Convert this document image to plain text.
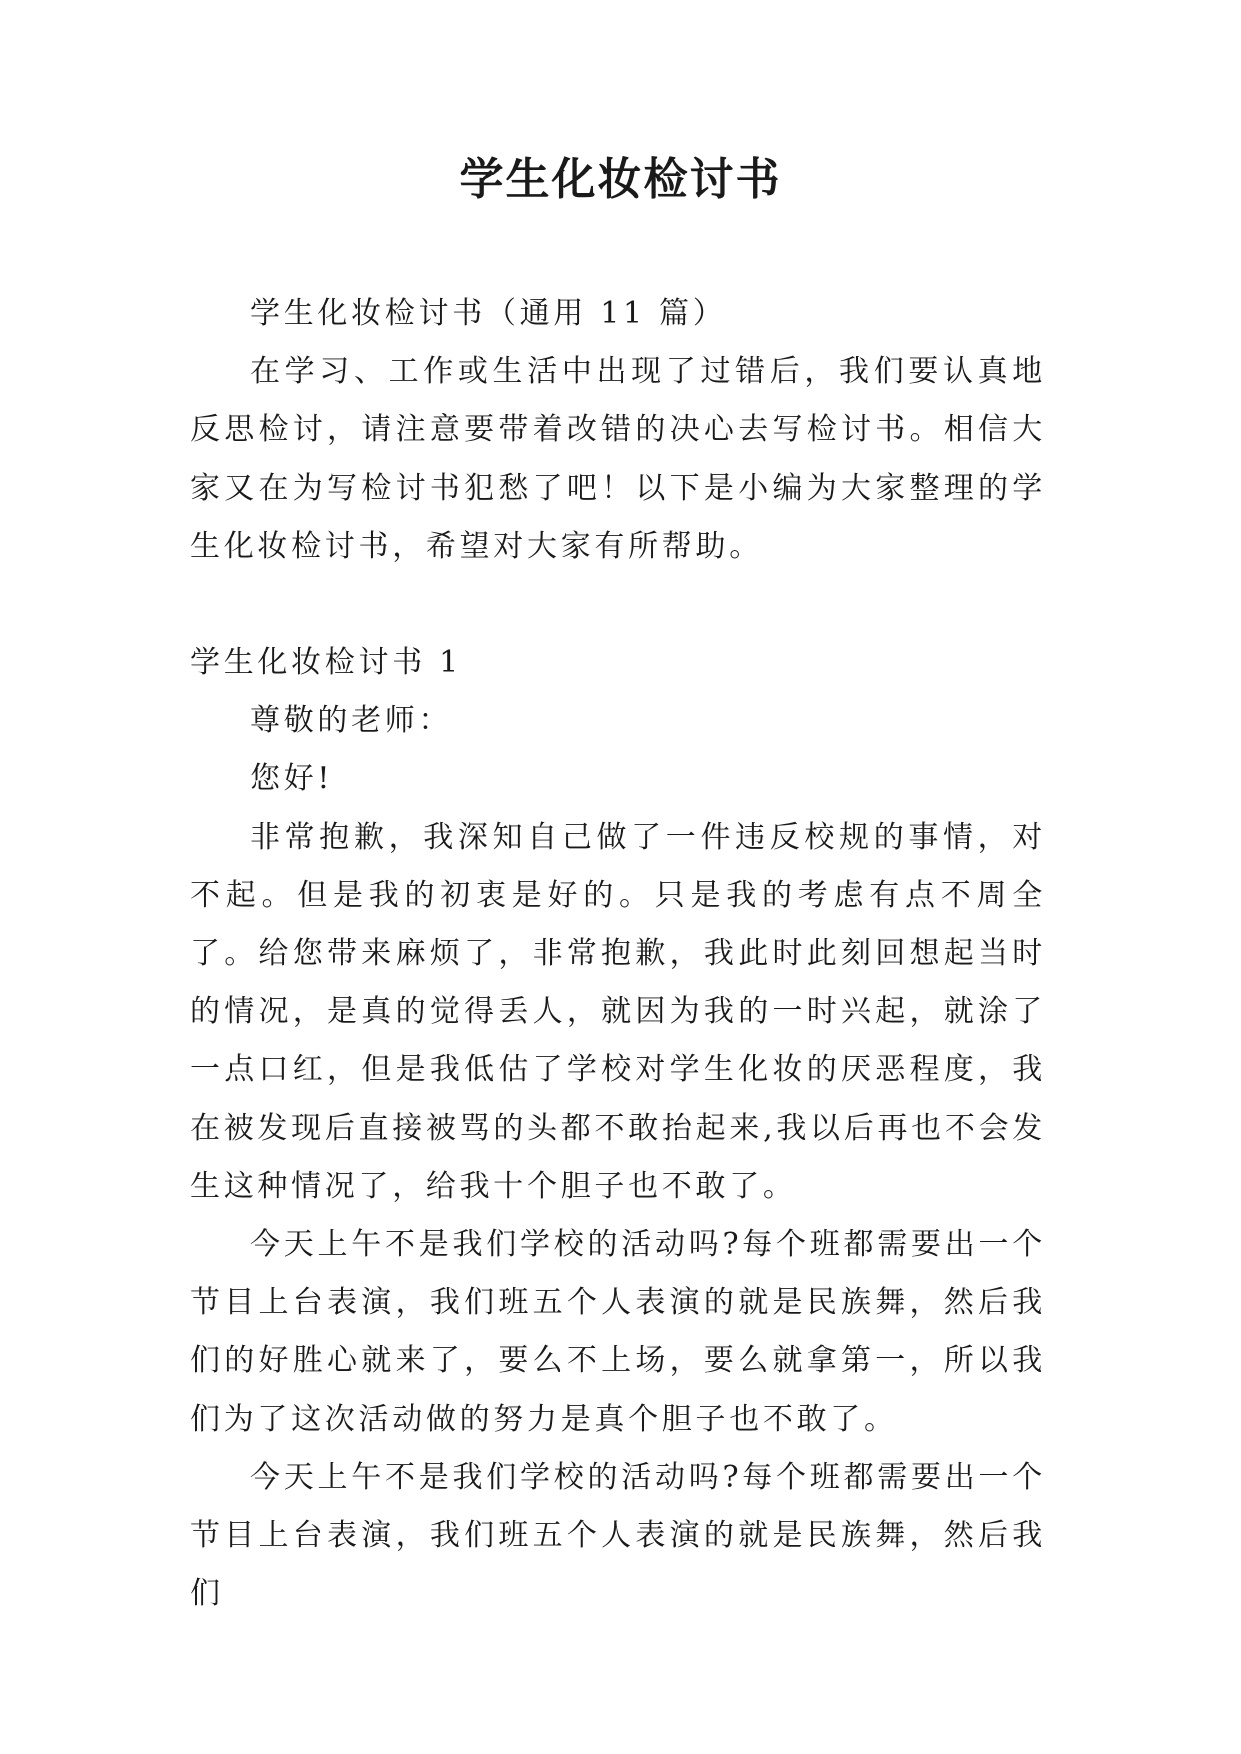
学生化妆检讨书

学生化妆检讨书（通用 11 篇）

在学习、工作或生活中出现了过错后，我们要认真地反思检讨，请注意要带着改错的决心去写检讨书。相信大家又在为写检讨书犯愁了吧！以下是小编为大家整理的学生化妆检讨书，希望对大家有所帮助。

学生化妆检讨书 1

尊敬的老师：

您好!

非常抱歉，我深知自己做了一件违反校规的事情，对不起。但是我的初衷是好的。只是我的考虑有点不周全了。给您带来麻烦了，非常抱歉，我此时此刻回想起当时的情况，是真的觉得丢人，就因为我的一时兴起，就涂了一点口红，但是我低估了学校对学生化妆的厌恶程度，我在被发现后直接被骂的头都不敢抬起来,我以后再也不会发生这种情况了，给我十个胆子也不敢了。

今天上午不是我们学校的活动吗?每个班都需要出一个节目上台表演，我们班五个人表演的就是民族舞，然后我们的好胜心就来了，要么不上场，要么就拿第一，所以我们为了这次活动做的努力是真个胆子也不敢了。

今天上午不是我们学校的活动吗?每个班都需要出一个节目上台表演，我们班五个人表演的就是民族舞，然后我们
